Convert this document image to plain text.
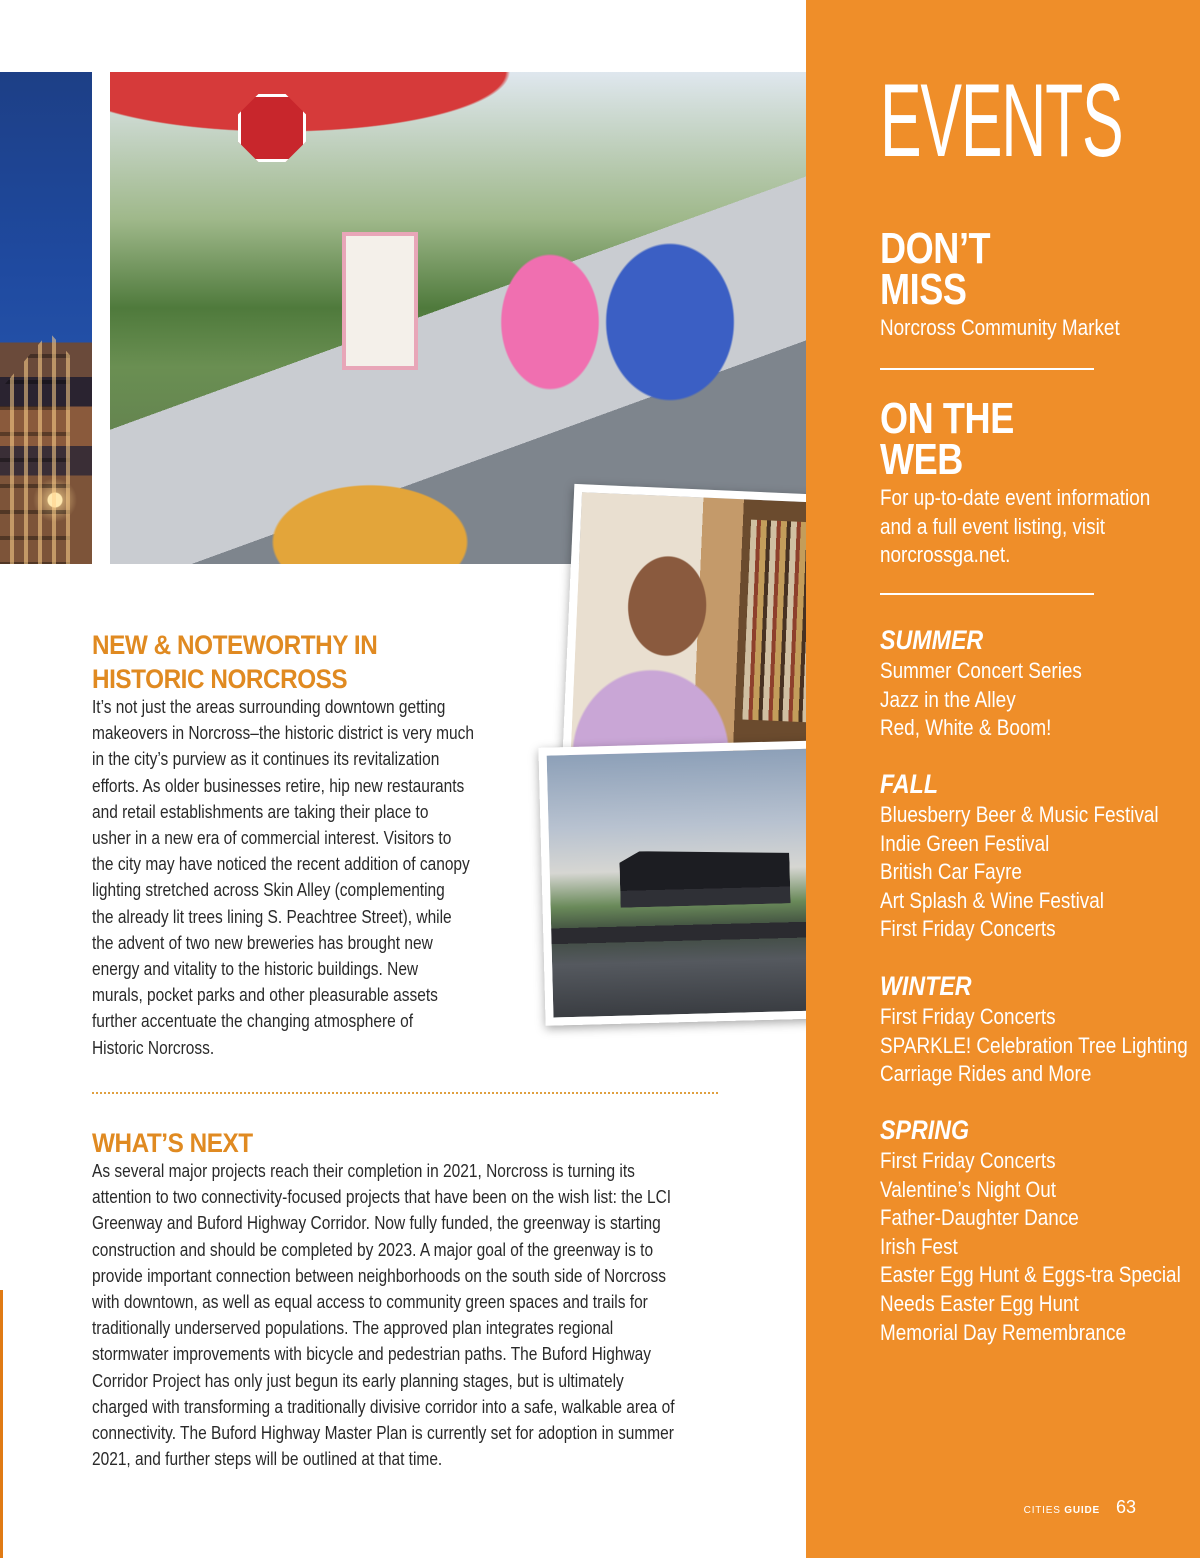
NEW & NOTEWORTHY IN
HISTORIC NORCROSS
It’s not just the areas surrounding downtown getting
makeovers in Norcross–the historic district is very much
in the city’s purview as it continues its revitalization
efforts. As older businesses retire, hip new restaurants
and retail establishments are taking their place to
usher in a new era of commercial interest. Visitors to
the city may have noticed the recent addition of canopy
lighting stretched across Skin Alley (complementing
the already lit trees lining S. Peachtree Street), while
the advent of two new breweries has brought new
energy and vitality to the historic buildings. New
murals, pocket parks and other pleasurable assets
further accentuate the changing atmosphere of
Historic Norcross.
WHAT’S NEXT
As several major projects reach their completion in 2021, Norcross is turning its
attention to two connectivity-focused projects that have been on the wish list: the LCI
Greenway and Buford Highway Corridor. Now fully funded, the greenway is starting
construction and should be completed by 2023. A major goal of the greenway is to
provide important connection between neighborhoods on the south side of Norcross
with downtown, as well as equal access to community green spaces and trails for
traditionally underserved populations. The approved plan integrates regional
stormwater improvements with bicycle and pedestrian paths. The Buford Highway
Corridor Project has only just begun its early planning stages, but is ultimately
charged with transforming a traditionally divisive corridor into a safe, walkable area of
connectivity. The Buford Highway Master Plan is currently set for adoption in summer
2021, and further steps will be outlined at that time.
EVENTS
DON’T
MISS
Norcross Community Market
ON THE
WEB
For up-to-date event information
and a full event listing, visit
norcrossga.net.
SUMMER
Summer Concert Series
Jazz in the Alley
Red, White & Boom!
FALL
Bluesberry Beer & Music Festival
Indie Green Festival
British Car Fayre
Art Splash & Wine Festival
First Friday Concerts
WINTER
First Friday Concerts
SPARKLE! Celebration Tree Lighting
Carriage Rides and More
SPRING
First Friday Concerts
Valentine’s Night Out
Father-Daughter Dance
Irish Fest
Easter Egg Hunt & Eggs-tra Special
Needs Easter Egg Hunt
Memorial Day Remembrance
CITIES GUIDE 63
